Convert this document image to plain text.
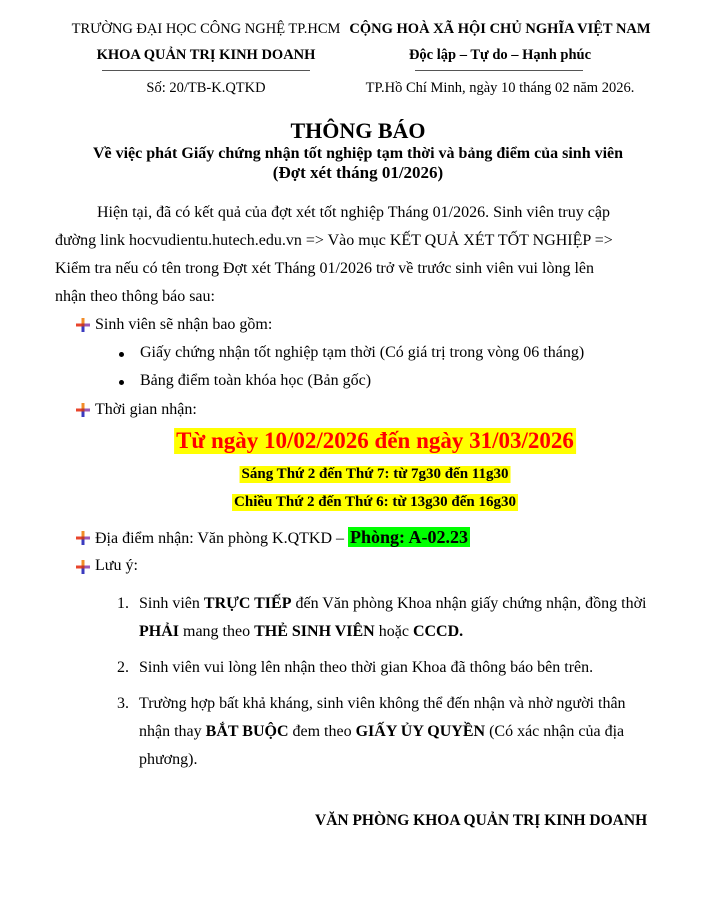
TRƯỜNG ĐẠI HỌC CÔNG NGHỆ TP.HCM
KHOA QUẢN TRỊ KINH DOANH
Số: 20/TB-K.QTKD
CỘNG HOÀ XÃ HỘI CHỦ NGHĨA VIỆT NAM
Độc lập – Tự do – Hạnh phúc
TP.Hồ Chí Minh, ngày 10 tháng 02 năm 2026.
THÔNG BÁO
Về việc phát Giấy chứng nhận tốt nghiệp tạm thời và bảng điểm của sinh viên
(Đợt xét tháng 01/2026)
Hiện tại, đã có kết quả của đợt xét tốt nghiệp Tháng 01/2026. Sinh viên truy cập
đường link hocvudientu.hutech.edu.vn => Vào mục KẾT QUẢ XÉT TỐT NGHIỆP =>
Kiểm tra nếu có tên trong Đợt xét Tháng 01/2026 trở về trước sinh viên vui lòng lên
nhận theo thông báo sau:
Sinh viên sẽ nhận bao gồm:
Giấy chứng nhận tốt nghiệp tạm thời (Có giá trị trong vòng 06 tháng)
Bảng điểm toàn khóa học (Bản gốc)
Thời gian nhận:
Từ ngày 10/02/2026 đến ngày 31/03/2026
Sáng Thứ 2 đến Thứ 7: từ 7g30 đến 11g30
Chiều Thứ 2 đến Thứ 6: từ 13g30 đến 16g30
Địa điểm nhận: Văn phòng K.QTKD – Phòng: A-02.23
Lưu ý:
1. Sinh viên TRỰC TIẾP đến Văn phòng Khoa nhận giấy chứng nhận, đồng thời
PHẢI mang theo THẺ SINH VIÊN hoặc CCCD.
2. Sinh viên vui lòng lên nhận theo thời gian Khoa đã thông báo bên trên.
3. Trường hợp bất khả kháng, sinh viên không thể đến nhận và nhờ người thân
nhận thay BẮT BUỘC đem theo GIẤY ỦY QUYỀN (Có xác nhận của địa
phương).
VĂN PHÒNG KHOA QUẢN TRỊ KINH DOANH
